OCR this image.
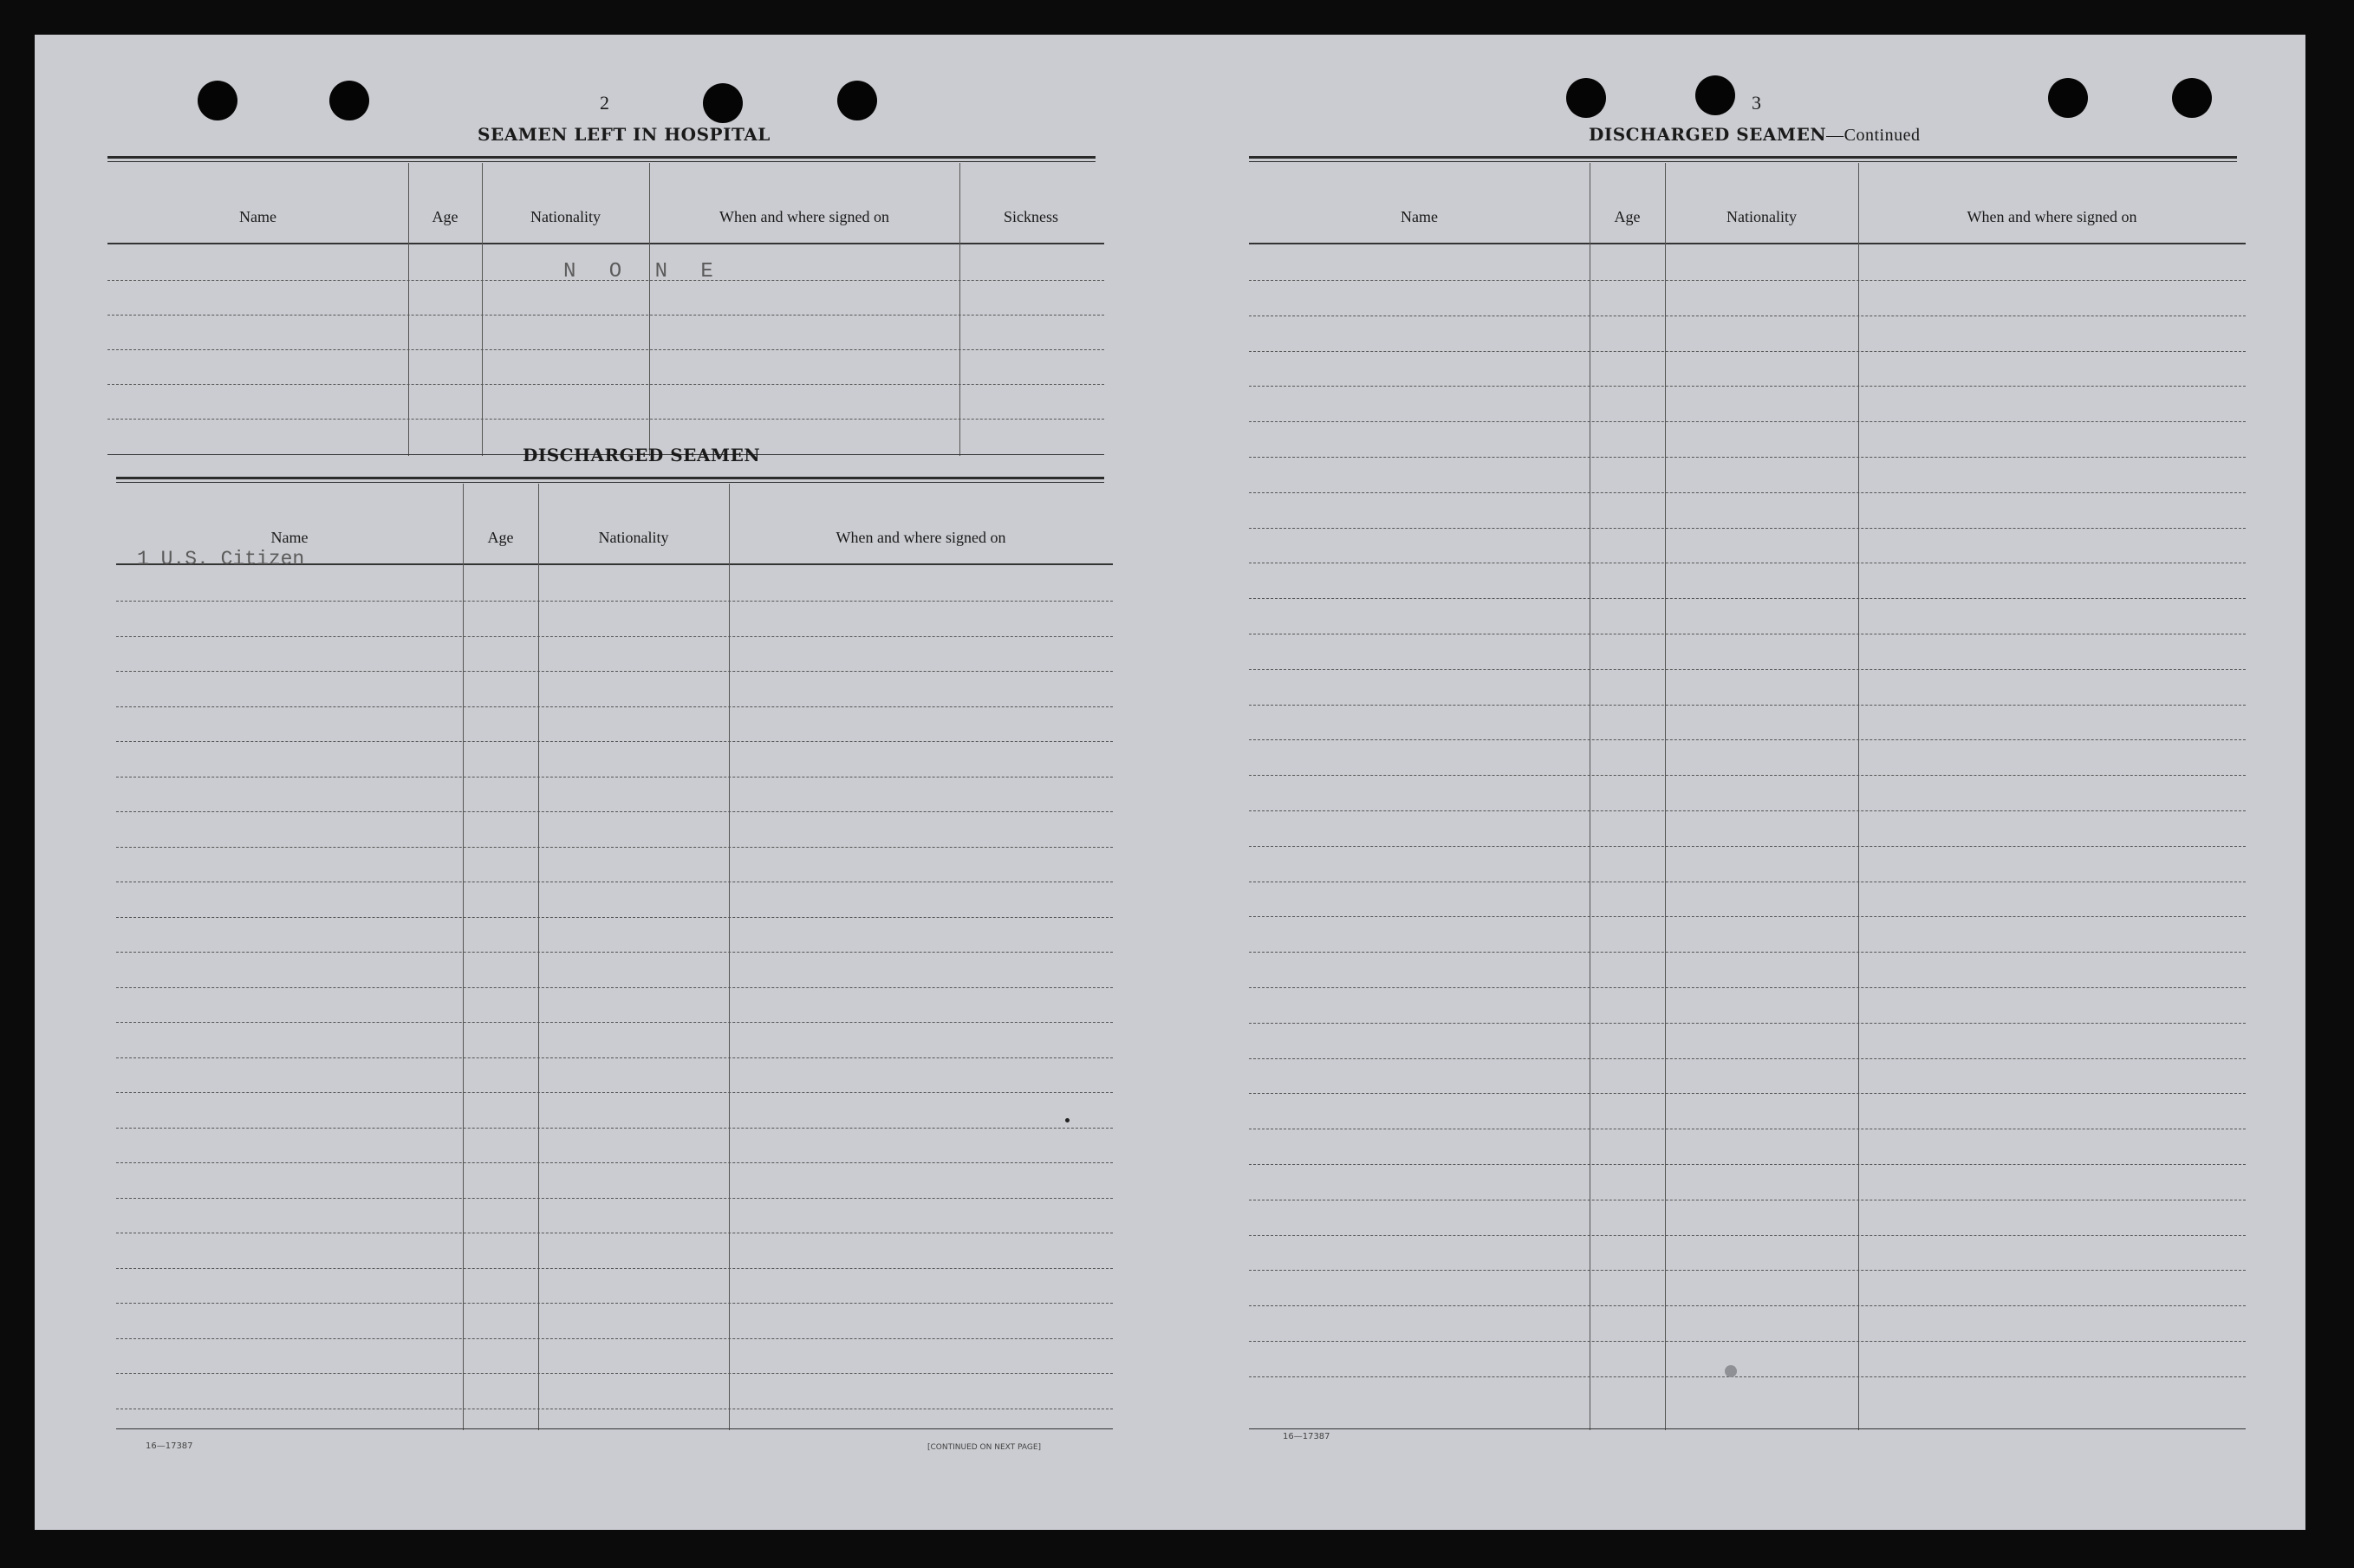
2
SEAMEN LEFT IN HOSPITAL
Name	Age	Nationality	When and where signed on	Sickness
N O N E
DISCHARGED SEAMEN
Name	Age	Nationality	When and where signed on
1 U.S. Citizen
16—17387	[CONTINUED ON NEXT PAGE]
3
DISCHARGED SEAMEN—Continued
Name	Age	Nationality	When and where signed on
16—17387
